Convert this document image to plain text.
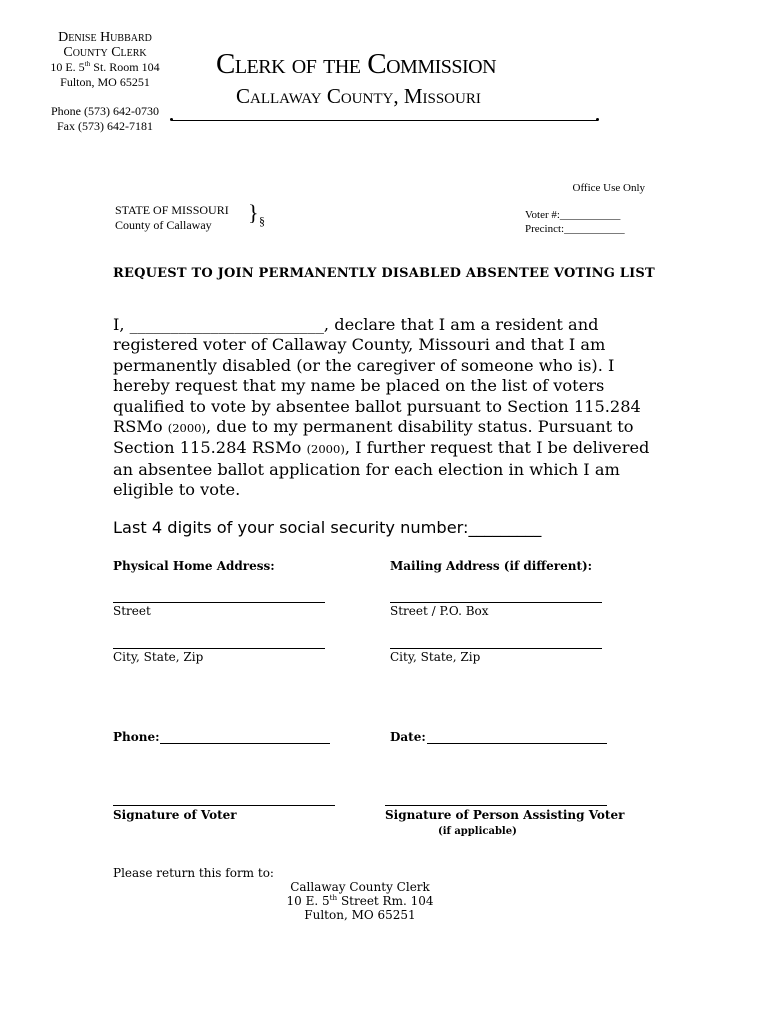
Denise Hubbard
County Clerk
10 E. 5th St. Room 104
Fulton, MO 65251
Phone (573) 642-0730
Fax (573) 642-7181
Clerk of the Commission
Callaway County, Missouri
Office Use Only
STATE OF MISSOURI
County of Callaway	} §	Voter #:___________
Precinct:___________
REQUEST TO JOIN PERMANENTLY DISABLED ABSENTEE VOTING LIST
I, ________________________, declare that I am a resident and registered voter of Callaway County, Missouri and that I am permanently disabled (or the caregiver of someone who is). I hereby request that my name be placed on the list of voters qualified to vote by absentee ballot pursuant to Section 115.284 RSMo (2000), due to my permanent disability status. Pursuant to Section 115.284 RSMo (2000), I further request that I be delivered an absentee ballot application for each election in which I am eligible to vote.
Last 4 digits of your social security number:_________
Physical Home Address:	Mailing Address (if different):
Street	Street / P.O. Box
City, State, Zip	City, State, Zip
Phone:	Date:
Signature of Voter	Signature of Person Assisting Voter
(if applicable)
Please return this form to:
Callaway County Clerk
10 E. 5th Street Rm. 104
Fulton, MO 65251
